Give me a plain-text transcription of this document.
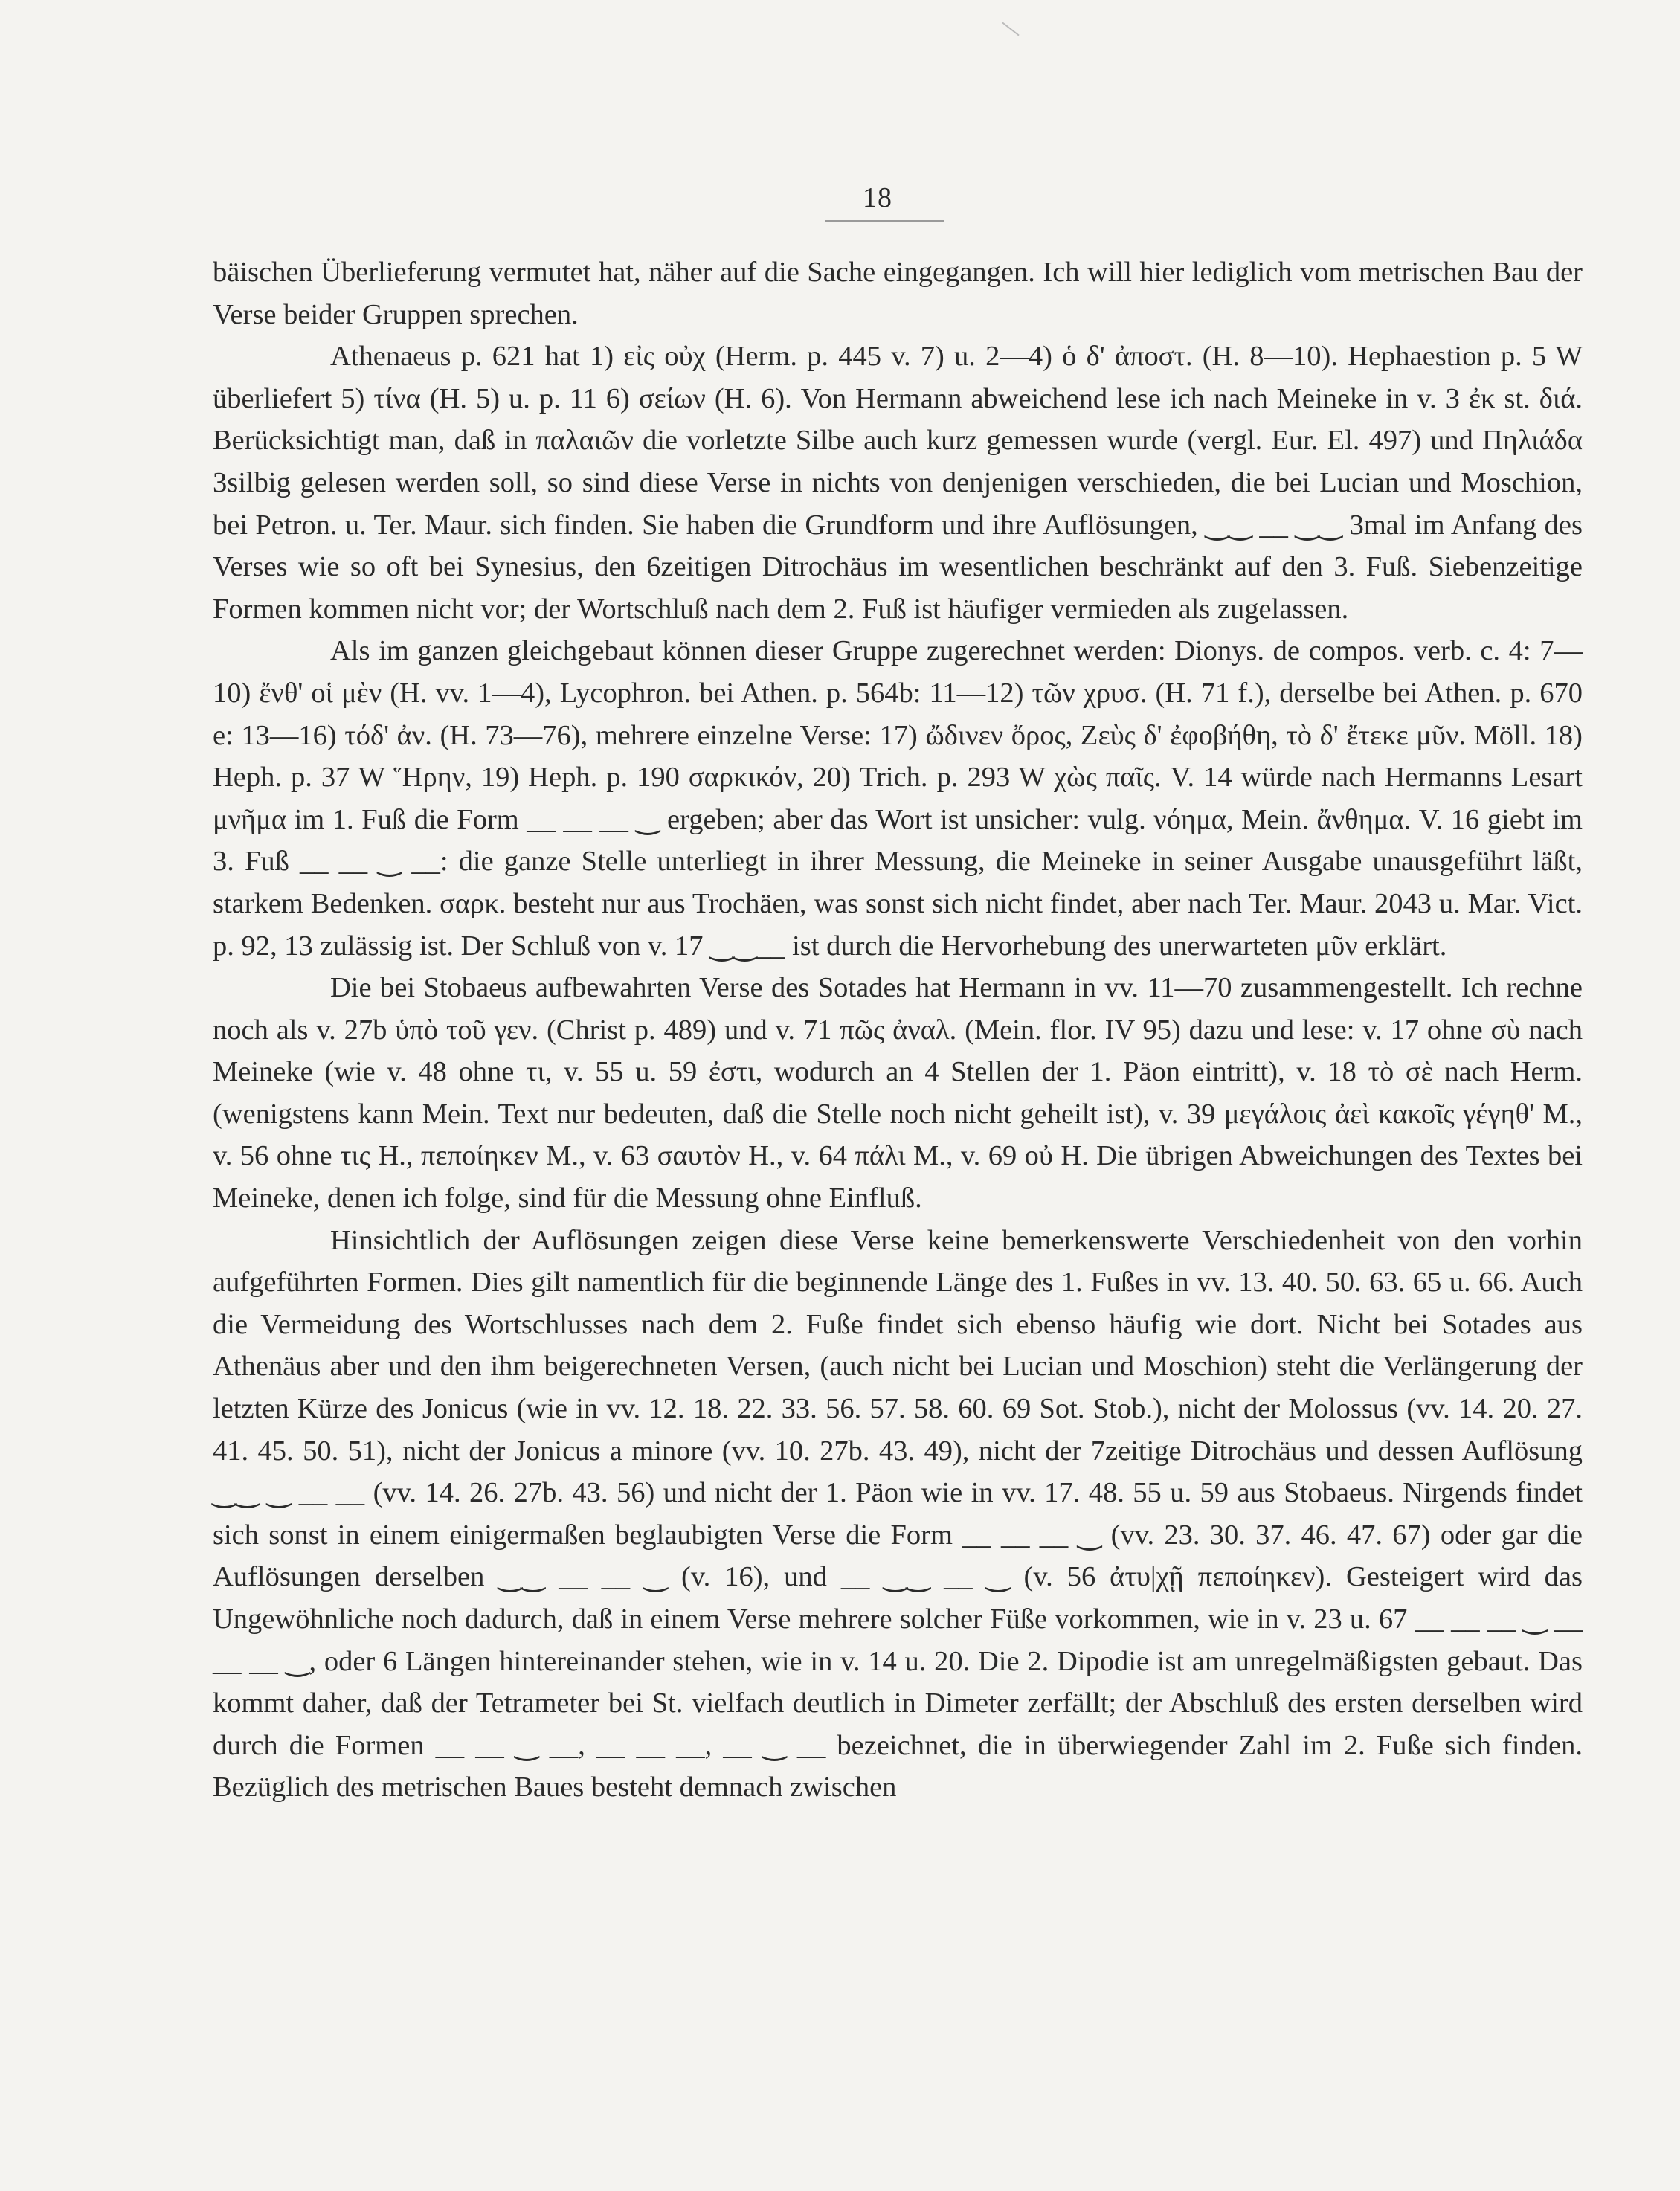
18

bäischen Überlieferung vermutet hat, näher auf die Sache eingegangen. Ich will hier lediglich vom metrischen Bau der Verse beider Gruppen sprechen.

Athenaeus p. 621 hat 1) εἰς οὐχ (Herm. p. 445 v. 7) u. 2—4) ὁ δ' ἀποστ. (H. 8—10). Hephaestion p. 5 W überliefert 5) τίνα (H. 5) u. p. 11 6) σείων (H. 6). Von Hermann abweichend lese ich nach Meineke in v. 3 ἐκ st. διά. Berücksichtigt man, daß in παλαιῶν die vorletzte Silbe auch kurz gemessen wurde (vergl. Eur. El. 497) und Πηλιάδα 3silbig gelesen werden soll, so sind diese Verse in nichts von denjenigen verschieden, die bei Lucian und Moschion, bei Petron. u. Ter. Maur. sich finden. Sie haben die Grundform und ihre Auflösungen, ‿‿ __ ‿‿ 3mal im Anfang des Verses wie so oft bei Synesius, den 6zeitigen Ditrochäus im wesentlichen beschränkt auf den 3. Fuß. Siebenzeitige Formen kommen nicht vor; der Wortschluß nach dem 2. Fuß ist häufiger vermieden als zugelassen.

Als im ganzen gleichgebaut können dieser Gruppe zugerechnet werden: Dionys. de compos. verb. c. 4: 7—10) ἔνθ' οἱ μὲν (H. vv. 1—4), Lycophron. bei Athen. p. 564b: 11—12) τῶν χρυσ. (H. 71 f.), derselbe bei Athen. p. 670 e: 13—16) τόδ' ἀν. (H. 73—76), mehrere einzelne Verse: 17) ὤδινεν ὄρος, Ζεὺς δ' ἐφοβήθη, τὸ δ' ἔτεκε μῦν. Möll. 18) Heph. p. 37 W Ἥρην, 19) Heph. p. 190 σαρκικόν, 20) Trich. p. 293 W χὼς παῖς. V. 14 würde nach Hermanns Lesart μνῆμα im 1. Fuß die Form __ __ __ ‿ ergeben; aber das Wort ist unsicher: vulg. νόημα, Mein. ἄνθημα. V. 16 giebt im 3. Fuß __ __ ‿ __: die ganze Stelle unterliegt in ihrer Messung, die Meineke in seiner Ausgabe unausgeführt läßt, starkem Bedenken. σαρκ. besteht nur aus Trochäen, was sonst sich nicht findet, aber nach Ter. Maur. 2043 u. Mar. Vict. p. 92, 13 zulässig ist. Der Schluß von v. 17 ‿‿__ ist durch die Hervorhebung des unerwarteten μῦν erklärt.

Die bei Stobaeus aufbewahrten Verse des Sotades hat Hermann in vv. 11—70 zusammengestellt. Ich rechne noch als v. 27b ὑπὸ τοῦ γεν. (Christ p. 489) und v. 71 πῶς ἀναλ. (Mein. flor. IV 95) dazu und lese: v. 17 ohne σὺ nach Meineke (wie v. 48 ohne τι, v. 55 u. 59 ἐστι, wodurch an 4 Stellen der 1. Päon eintritt), v. 18 τὸ σὲ nach Herm. (wenigstens kann Mein. Text nur bedeuten, daß die Stelle noch nicht geheilt ist), v. 39 μεγάλοις ἀεὶ κακοῖς γέγηθ' M., v. 56 ohne τις H., πεποίηκεν M., v. 63 σαυτὸν H., v. 64 πάλι M., v. 69 οὐ H. Die übrigen Abweichungen des Textes bei Meineke, denen ich folge, sind für die Messung ohne Einfluß.

Hinsichtlich der Auflösungen zeigen diese Verse keine bemerkenswerte Verschiedenheit von den vorhin aufgeführten Formen. Dies gilt namentlich für die beginnende Länge des 1. Fußes in vv. 13. 40. 50. 63. 65 u. 66. Auch die Vermeidung des Wortschlusses nach dem 2. Fuße findet sich ebenso häufig wie dort. Nicht bei Sotades aus Athenäus aber und den ihm beigerechneten Versen, (auch nicht bei Lucian und Moschion) steht die Verlängerung der letzten Kürze des Jonicus (wie in vv. 12. 18. 22. 33. 56. 57. 58. 60. 69 Sot. Stob.), nicht der Molossus (vv. 14. 20. 27. 41. 45. 50. 51), nicht der Jonicus a minore (vv. 10. 27b. 43. 49), nicht der 7zeitige Ditrochäus und dessen Auflösung ‿‿ ‿ __ __ (vv. 14. 26. 27b. 43. 56) und nicht der 1. Päon wie in vv. 17. 48. 55 u. 59 aus Stobaeus. Nirgends findet sich sonst in einem einigermaßen beglaubigten Verse die Form __ __ __ ‿ (vv. 23. 30. 37. 46. 47. 67) oder gar die Auflösungen derselben ‿‿ __ __ ‿ (v. 16), und __ ‿‿ __ ‿ (v. 56 ἀτυ|χῇ πεποίηκεν). Gesteigert wird das Ungewöhnliche noch dadurch, daß in einem Verse mehrere solcher Füße vorkommen, wie in v. 23 u. 67 __ __ __ ‿ __ __ __ ‿, oder 6 Längen hintereinander stehen, wie in v. 14 u. 20. Die 2. Dipodie ist am unregelmäßigsten gebaut. Das kommt daher, daß der Tetrameter bei St. vielfach deutlich in Dimeter zerfällt; der Abschluß des ersten derselben wird durch die Formen __ __ ‿ __, __ __ __, __ ‿ __ bezeichnet, die in überwiegender Zahl im 2. Fuße sich finden. Bezüglich des metrischen Baues besteht demnach zwischen
